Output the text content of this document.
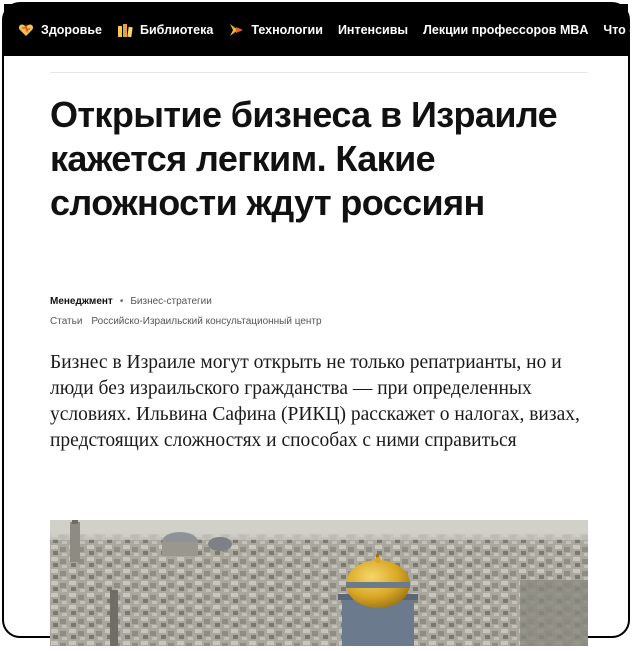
Здоровье	Библиотека	Технологии Интенсивы Лекции профессоров MBA Что о
Открытие бизнеса в Израиле кажется легким. Какие сложности ждут россиян
Менеджмент • Бизнес-стратегии
Статьи Российско-Израильский консультационный центр

Бизнес в Израиле могут открыть не только репатрианты, но и люди без израильского гражданства — при определенных условиях. Ильвина Сафина (РИКЦ) расскажет о налогах, визах, предстоящих сложностях и способах с ними справиться
